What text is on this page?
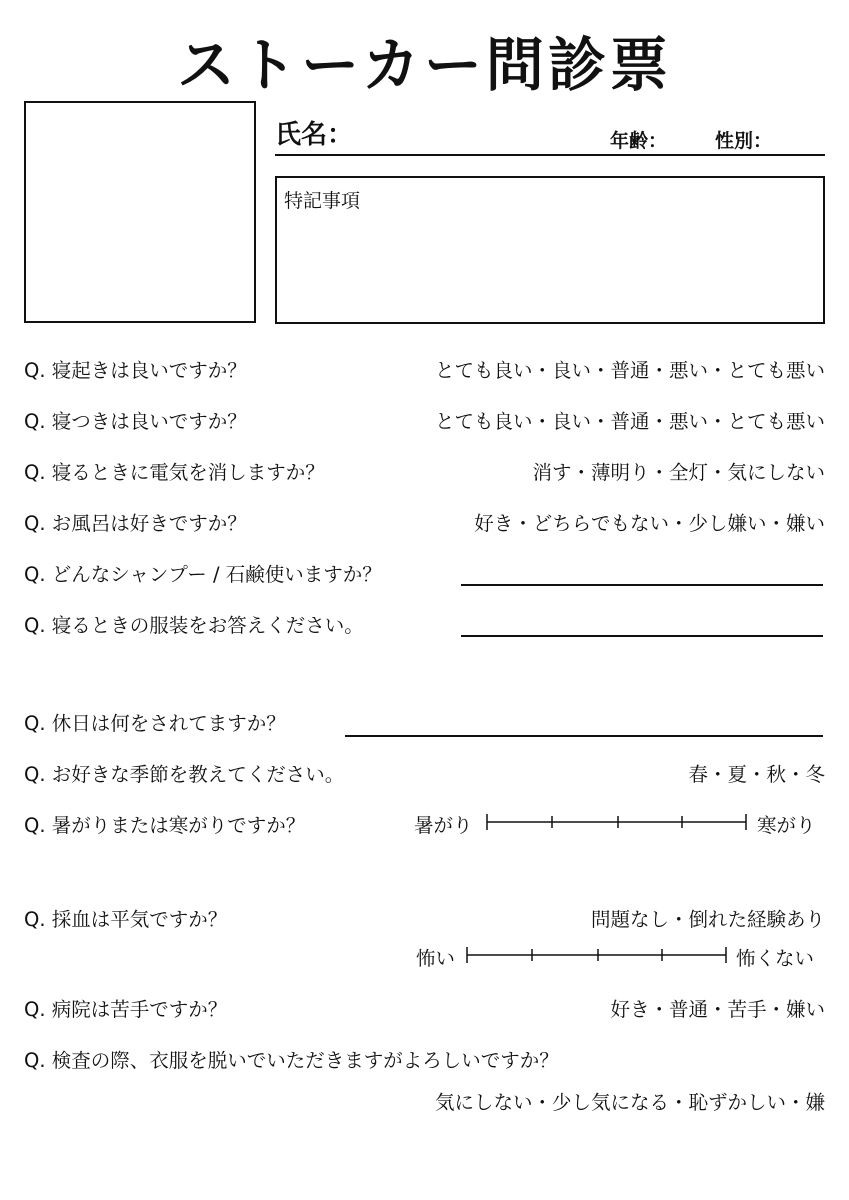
ストーカー問診票
氏名：	年齢：	性別：
特記事項
Q. 寝起きは良いですか？	とても良い・良い・普通・悪い・とても悪い
Q. 寝つきは良いですか？	とても良い・良い・普通・悪い・とても悪い
Q. 寝るときに電気を消しますか？	消す・薄明り・全灯・気にしない
Q. お風呂は好きですか？	好き・どちらでもない・少し嫌い・嫌い
Q. どんなシャンプー / 石鹸使いますか？
Q. 寝るときの服装をお答えください。
Q. 休日は何をされてますか？
Q. お好きな季節を教えてください。	春・夏・秋・冬
Q. 暑がりまたは寒がりですか？	暑がり	寒がり
Q. 採血は平気ですか？	問題なし・倒れた経験あり
怖い	怖くない
Q. 病院は苦手ですか？	好き・普通・苦手・嫌い
Q. 検査の際、衣服を脱いでいただきますがよろしいですか？
気にしない・少し気になる・恥ずかしい・嫌
